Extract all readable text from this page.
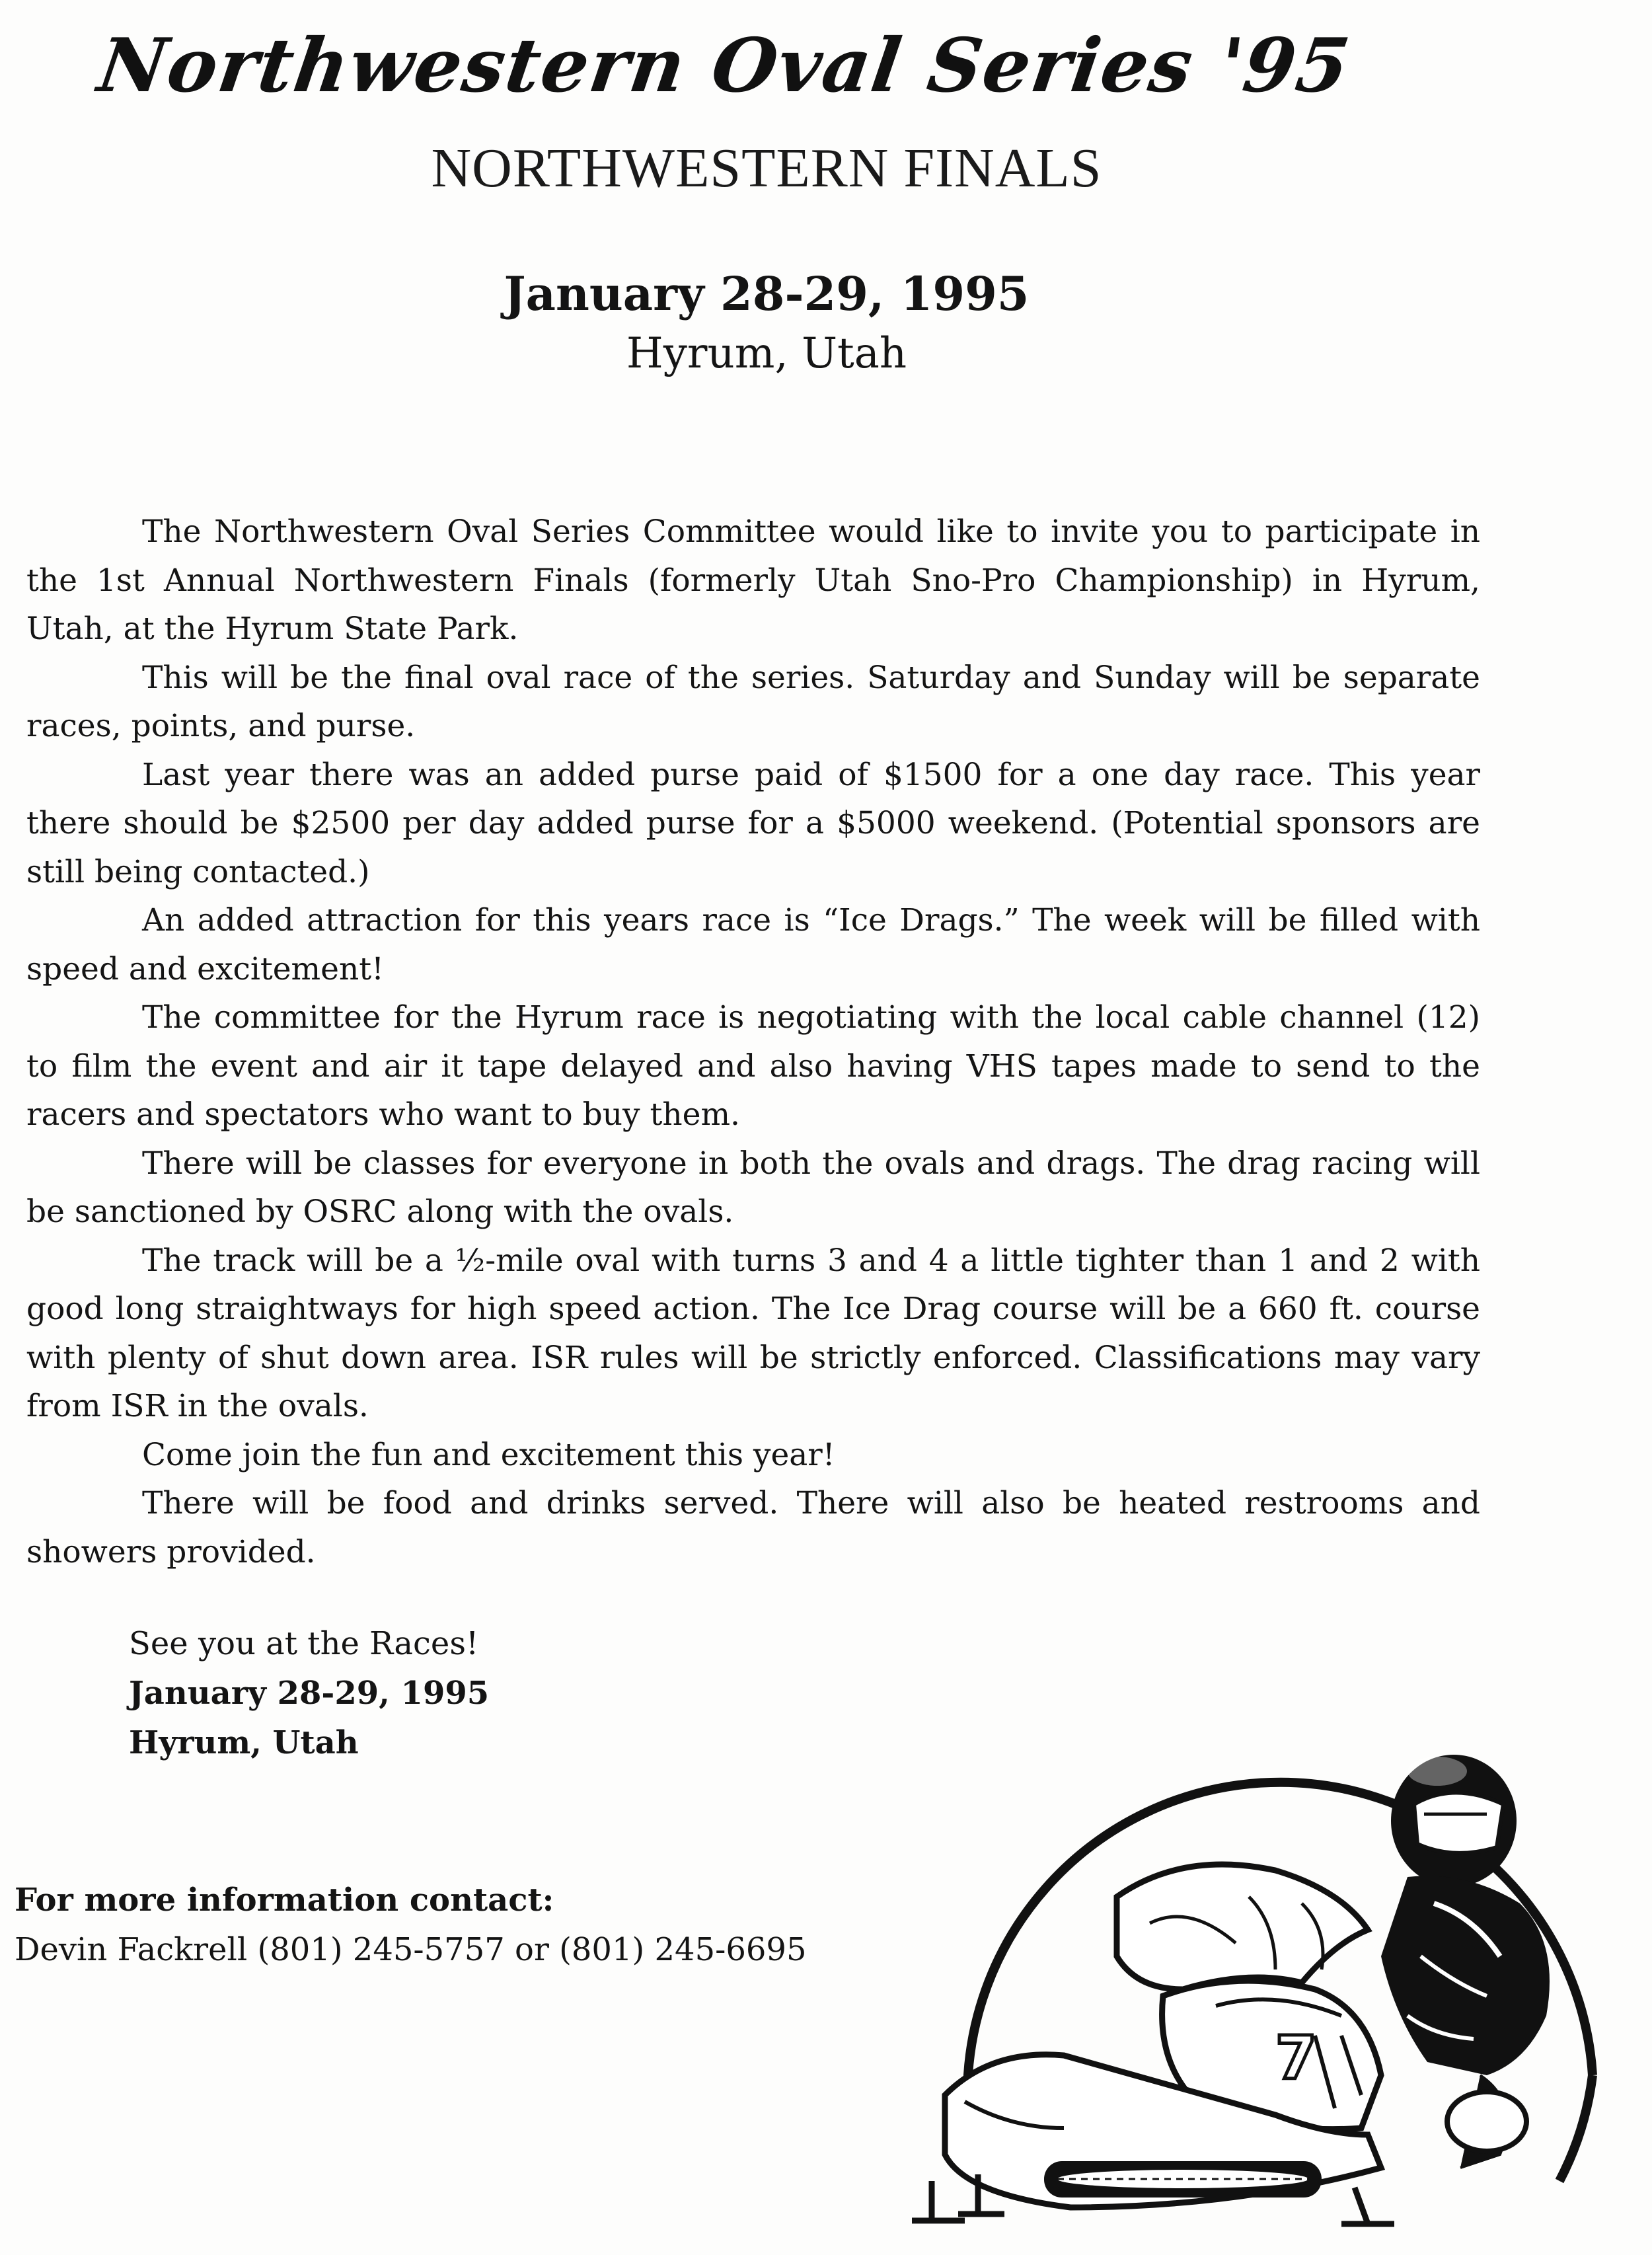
Northwestern Oval Series '95
NORTHWESTERN FINALS
January 28-29, 1995
Hyrum, Utah

The Northwestern Oval Series Committee would like to invite you to participate in the 1st Annual Northwestern Finals (formerly Utah Sno-Pro Championship) in Hyrum, Utah, at the Hyrum State Park.

This will be the final oval race of the series. Saturday and Sunday will be separate races, points, and purse.

Last year there was an added purse paid of $1500 for a one day race. This year there should be $2500 per day added purse for a $5000 weekend. (Potential sponsors are still being contacted.)

An added attraction for this years race is “Ice Drags.” The week will be filled with speed and excitement!

The committee for the Hyrum race is negotiating with the local cable channel (12) to film the event and air it tape delayed and also having VHS tapes made to send to the racers and spectators who want to buy them.

There will be classes for everyone in both the ovals and drags. The drag racing will be sanctioned by OSRC along with the ovals.

The track will be a ½-mile oval with turns 3 and 4 a little tighter than 1 and 2 with good long straightways for high speed action. The Ice Drag course will be a 660 ft. course with plenty of shut down area. ISR rules will be strictly enforced. Classifications may vary from ISR in the ovals.

Come join the fun and excitement this year!

There will be food and drinks served. There will also be heated restrooms and showers provided.

See you at the Races!
January 28-29, 1995
Hyrum, Utah
For more information contact:
Devin Fackrell (801) 245-5757 or (801) 245-6695
7
